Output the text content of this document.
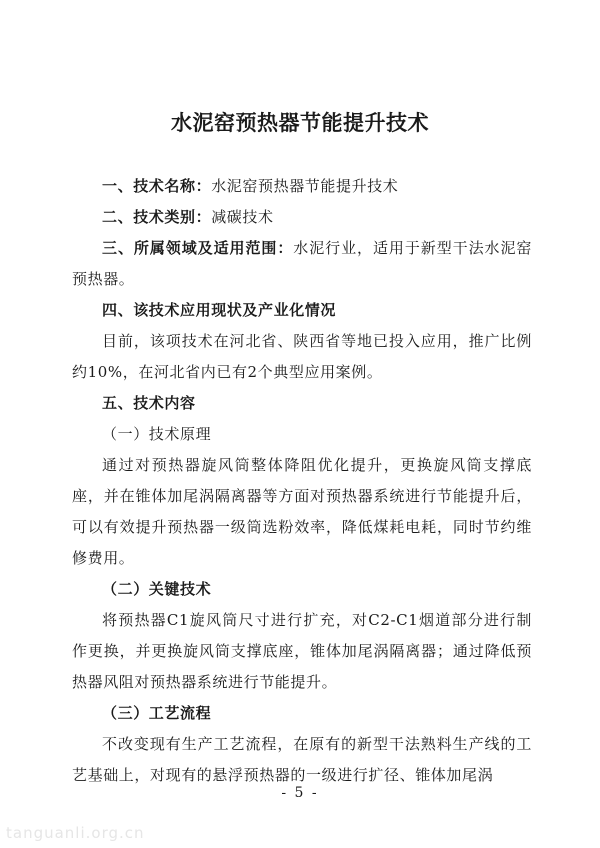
水泥窑预热器节能提升技术

一、技术名称：水泥窑预热器节能提升技术

二、技术类别：减碳技术

三、所属领域及适用范围：水泥行业，适用于新型干法水泥窑预热器。

四、该技术应用现状及产业化情况

目前，该项技术在河北省、陕西省等地已投入应用，推广比例约10%，在河北省内已有2个典型应用案例。

五、技术内容

（一）技术原理

通过对预热器旋风筒整体降阻优化提升，更换旋风筒支撑底座，并在锥体加尾涡隔离器等方面对预热器系统进行节能提升后，可以有效提升预热器一级筒选粉效率，降低煤耗电耗，同时节约维修费用。

（二）关键技术

将预热器C1旋风筒尺寸进行扩充，对C2-C1烟道部分进行制作更换，并更换旋风筒支撑底座，锥体加尾涡隔离器；通过降低预热器风阻对预热器系统进行节能提升。

（三）工艺流程

不改变现有生产工艺流程，在原有的新型干法熟料生产线的工艺基础上，对现有的悬浮预热器的一级进行扩径、锥体加尾涡

- 5 -
tanguanli.org.cn
